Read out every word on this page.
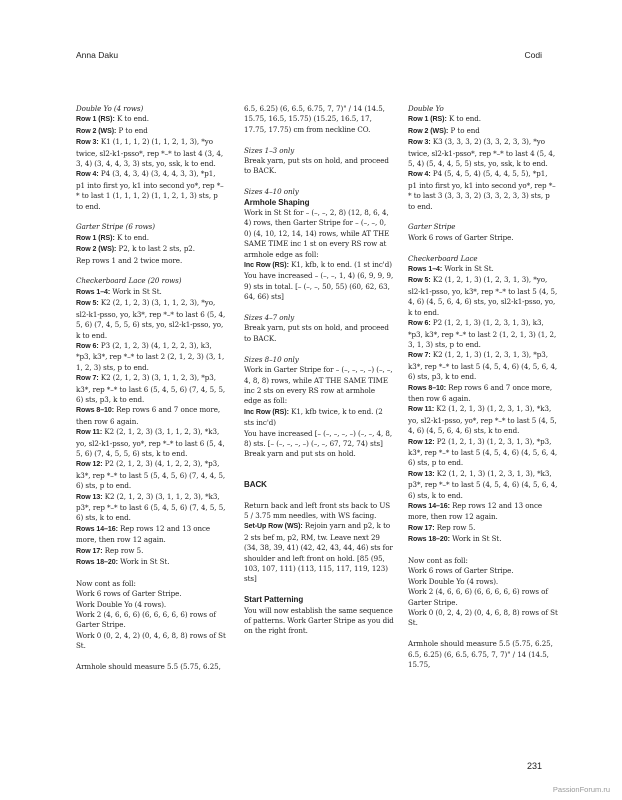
Anna Daku	Codi

Double Yo (4 rows)

Row 1 (RS): K to end.

Row 2 (WS): P to end

Row 3: K1 (1, 1, 1, 2) (1, 1, 2, 1, 3), *yo twice, sl2-k1-psso*, rep *–* to last 4 (3, 4, 3, 4) (3, 4, 4, 3, 3) sts, yo, ssk, k to end.

Row 4: P4 (3, 4, 3, 4) (3, 4, 4, 3, 3), *p1, p1 into first yo, k1 into second yo*, rep *–* to last 1 (1, 1, 1, 2) (1, 1, 2, 1, 3) sts, p to end.

Garter Stripe (6 rows)

Row 1 (RS): K to end.

Row 2 (WS): P2, k to last 2 sts, p2.

Rep rows 1 and 2 twice more.

Checkerboard Lace (20 rows)

Rows 1–4: Work in St St.

Row 5: K2 (2, 1, 2, 3) (3, 1, 1, 2, 3), *yo, sl2-k1-psso, yo, k3*, rep *–* to last 6 (5, 4, 5, 6) (7, 4, 5, 5, 6) sts, yo, sl2-k1-psso, yo, k to end.

Row 6: P3 (2, 1, 2, 3) (4, 1, 2, 2, 3), k3, *p3, k3*, rep *–* to last 2 (2, 1, 2, 3) (3, 1, 1, 2, 3) sts, p to end.

Row 7: K2 (2, 1, 2, 3) (3, 1, 1, 2, 3), *p3, k3*, rep *–* to last 6 (5, 4, 5, 6) (7, 4, 5, 5, 6) sts, p3, k to end.

Rows 8–10: Rep rows 6 and 7 once more, then row 6 again.

Row 11: K2 (2, 1, 2, 3) (3, 1, 1, 2, 3), *k3, yo, sl2-k1-psso, yo*, rep *–* to last 6 (5, 4, 5, 6) (7, 4, 5, 5, 6) sts, k to end.

Row 12: P2 (2, 1, 2, 3) (4, 1, 2, 2, 3), *p3, k3*, rep *–* to last 5 (5, 4, 5, 6) (7, 4, 4, 5, 6) sts, p to end.

Row 13: K2 (2, 1, 2, 3) (3, 1, 1, 2, 3), *k3, p3*, rep *–* to last 6 (5, 4, 5, 6) (7, 4, 5, 5, 6) sts, k to end.

Rows 14–16: Rep rows 12 and 13 once more, then row 12 again.

Row 17: Rep row 5.

Rows 18–20: Work in St St.

Now cont as foll:

Work 6 rows of Garter Stripe.

Work Double Yo (4 rows).

Work 2 (4, 6, 6, 6) (6, 6, 6, 6, 6) rows of Garter Stripe.

Work 0 (0, 2, 4, 2) (0, 4, 6, 8, 8) rows of St St.

Armhole should measure 5.5 (5.75, 6.25,

6.5, 6.25) (6, 6.5, 6.75, 7, 7)" / 14 (14.5, 15.75, 16.5, 15.75) (15.25, 16.5, 17, 17.75, 17.75) cm from neckline CO.

Sizes 1–3 only

Break yarn, put sts on hold, and proceed to BACK.

Sizes 4–10 only

Armhole Shaping

Work in St St for – (–, –, 2, 8) (12, 8, 6, 4, 4) rows, then Garter Stripe for – (–, –, 0, 0) (4, 10, 12, 14, 14) rows, while AT THE SAME TIME inc 1 st on every RS row at armhole edge as foll:

Inc Row (RS): K1, kfb, k to end. (1 st inc'd)

You have increased – (–, –, 1, 4) (6, 9, 9, 9, 9) sts in total. [– (–, –, 50, 55) (60, 62, 63, 64, 66) sts]

Sizes 4–7 only

Break yarn, put sts on hold, and proceed to BACK.

Sizes 8–10 only

Work in Garter Stripe for – (–, –, –, –) (–, –, 4, 8, 8) rows, while AT THE SAME TIME inc 2 sts on every RS row at armhole edge as foll:

Inc Row (RS): K1, kfb twice, k to end. (2 sts inc'd)

You have increased [– (–, –, –, –) (–, –, 4, 8, 8) sts. [– (–, –, –, –) (–, –, 67, 72, 74) sts]

Break yarn and put sts on hold.

BACK

Return back and left front sts back to US 5 / 3.75 mm needles, with WS facing.

Set-Up Row (WS): Rejoin yarn and p2, k to 2 sts bef m, p2, RM, tw. Leave next 29 (34, 38, 39, 41) (42, 42, 43, 44, 46) sts for shoulder and left front on hold. [85 (95, 103, 107, 111) (113, 115, 117, 119, 123) sts]

Start Patterning

You will now establish the same sequence of patterns. Work Garter Stripe as you did on the right front.

Double Yo

Row 1 (RS): K to end.

Row 2 (WS): P to end

Row 3: K3 (3, 3, 3, 2) (3, 3, 2, 3, 3), *yo twice, sl2-k1-psso*, rep *–* to last 4 (5, 4, 5, 4) (5, 4, 4, 5, 5) sts, yo, ssk, k to end.

Row 4: P4 (5, 4, 5, 4) (5, 4, 4, 5, 5), *p1, p1 into first yo, k1 into second yo*, rep *–* to last 3 (3, 3, 3, 2) (3, 3, 2, 3, 3) sts, p to end.

Garter Stripe

Work 6 rows of Garter Stripe.

Checkerboard Lace

Rows 1–4: Work in St St.

Row 5: K2 (1, 2, 1, 3) (1, 2, 3, 1, 3), *yo, sl2-k1-psso, yo, k3*, rep *–* to last 5 (4, 5, 4, 6) (4, 5, 6, 4, 6) sts, yo, sl2-k1-psso, yo, k to end.

Row 6: P2 (1, 2, 1, 3) (1, 2, 3, 1, 3), k3, *p3, k3*, rep *–* to last 2 (1, 2, 1, 3) (1, 2, 3, 1, 3) sts, p to end.

Row 7: K2 (1, 2, 1, 3) (1, 2, 3, 1, 3), *p3, k3*, rep *–* to last 5 (4, 5, 4, 6) (4, 5, 6, 4, 6) sts, p3, k to end.

Rows 8–10: Rep rows 6 and 7 once more, then row 6 again.

Row 11: K2 (1, 2, 1, 3) (1, 2, 3, 1, 3), *k3, yo, sl2-k1-psso, yo*, rep *–* to last 5 (4, 5, 4, 6) (4, 5, 6, 4, 6) sts, k to end.

Row 12: P2 (1, 2, 1, 3) (1, 2, 3, 1, 3), *p3, k3*, rep *–* to last 5 (4, 5, 4, 6) (4, 5, 6, 4, 6) sts, p to end.

Row 13: K2 (1, 2, 1, 3) (1, 2, 3, 1, 3), *k3, p3*, rep *–* to last 5 (4, 5, 4, 6) (4, 5, 6, 4, 6) sts, k to end.

Rows 14–16: Rep rows 12 and 13 once more, then row 12 again.

Row 17: Rep row 5.

Rows 18–20: Work in St St.

Now cont as foll:

Work 6 rows of Garter Stripe.

Work Double Yo (4 rows).

Work 2 (4, 6, 6, 6) (6, 6, 6, 6, 6) rows of Garter Stripe.

Work 0 (0, 2, 4, 2) (0, 4, 6, 8, 8) rows of St St.

Armhole should measure 5.5 (5.75, 6.25, 6.5, 6.25) (6, 6.5, 6.75, 7, 7)" / 14 (14.5, 15.75,

231
PassionForum.ru
